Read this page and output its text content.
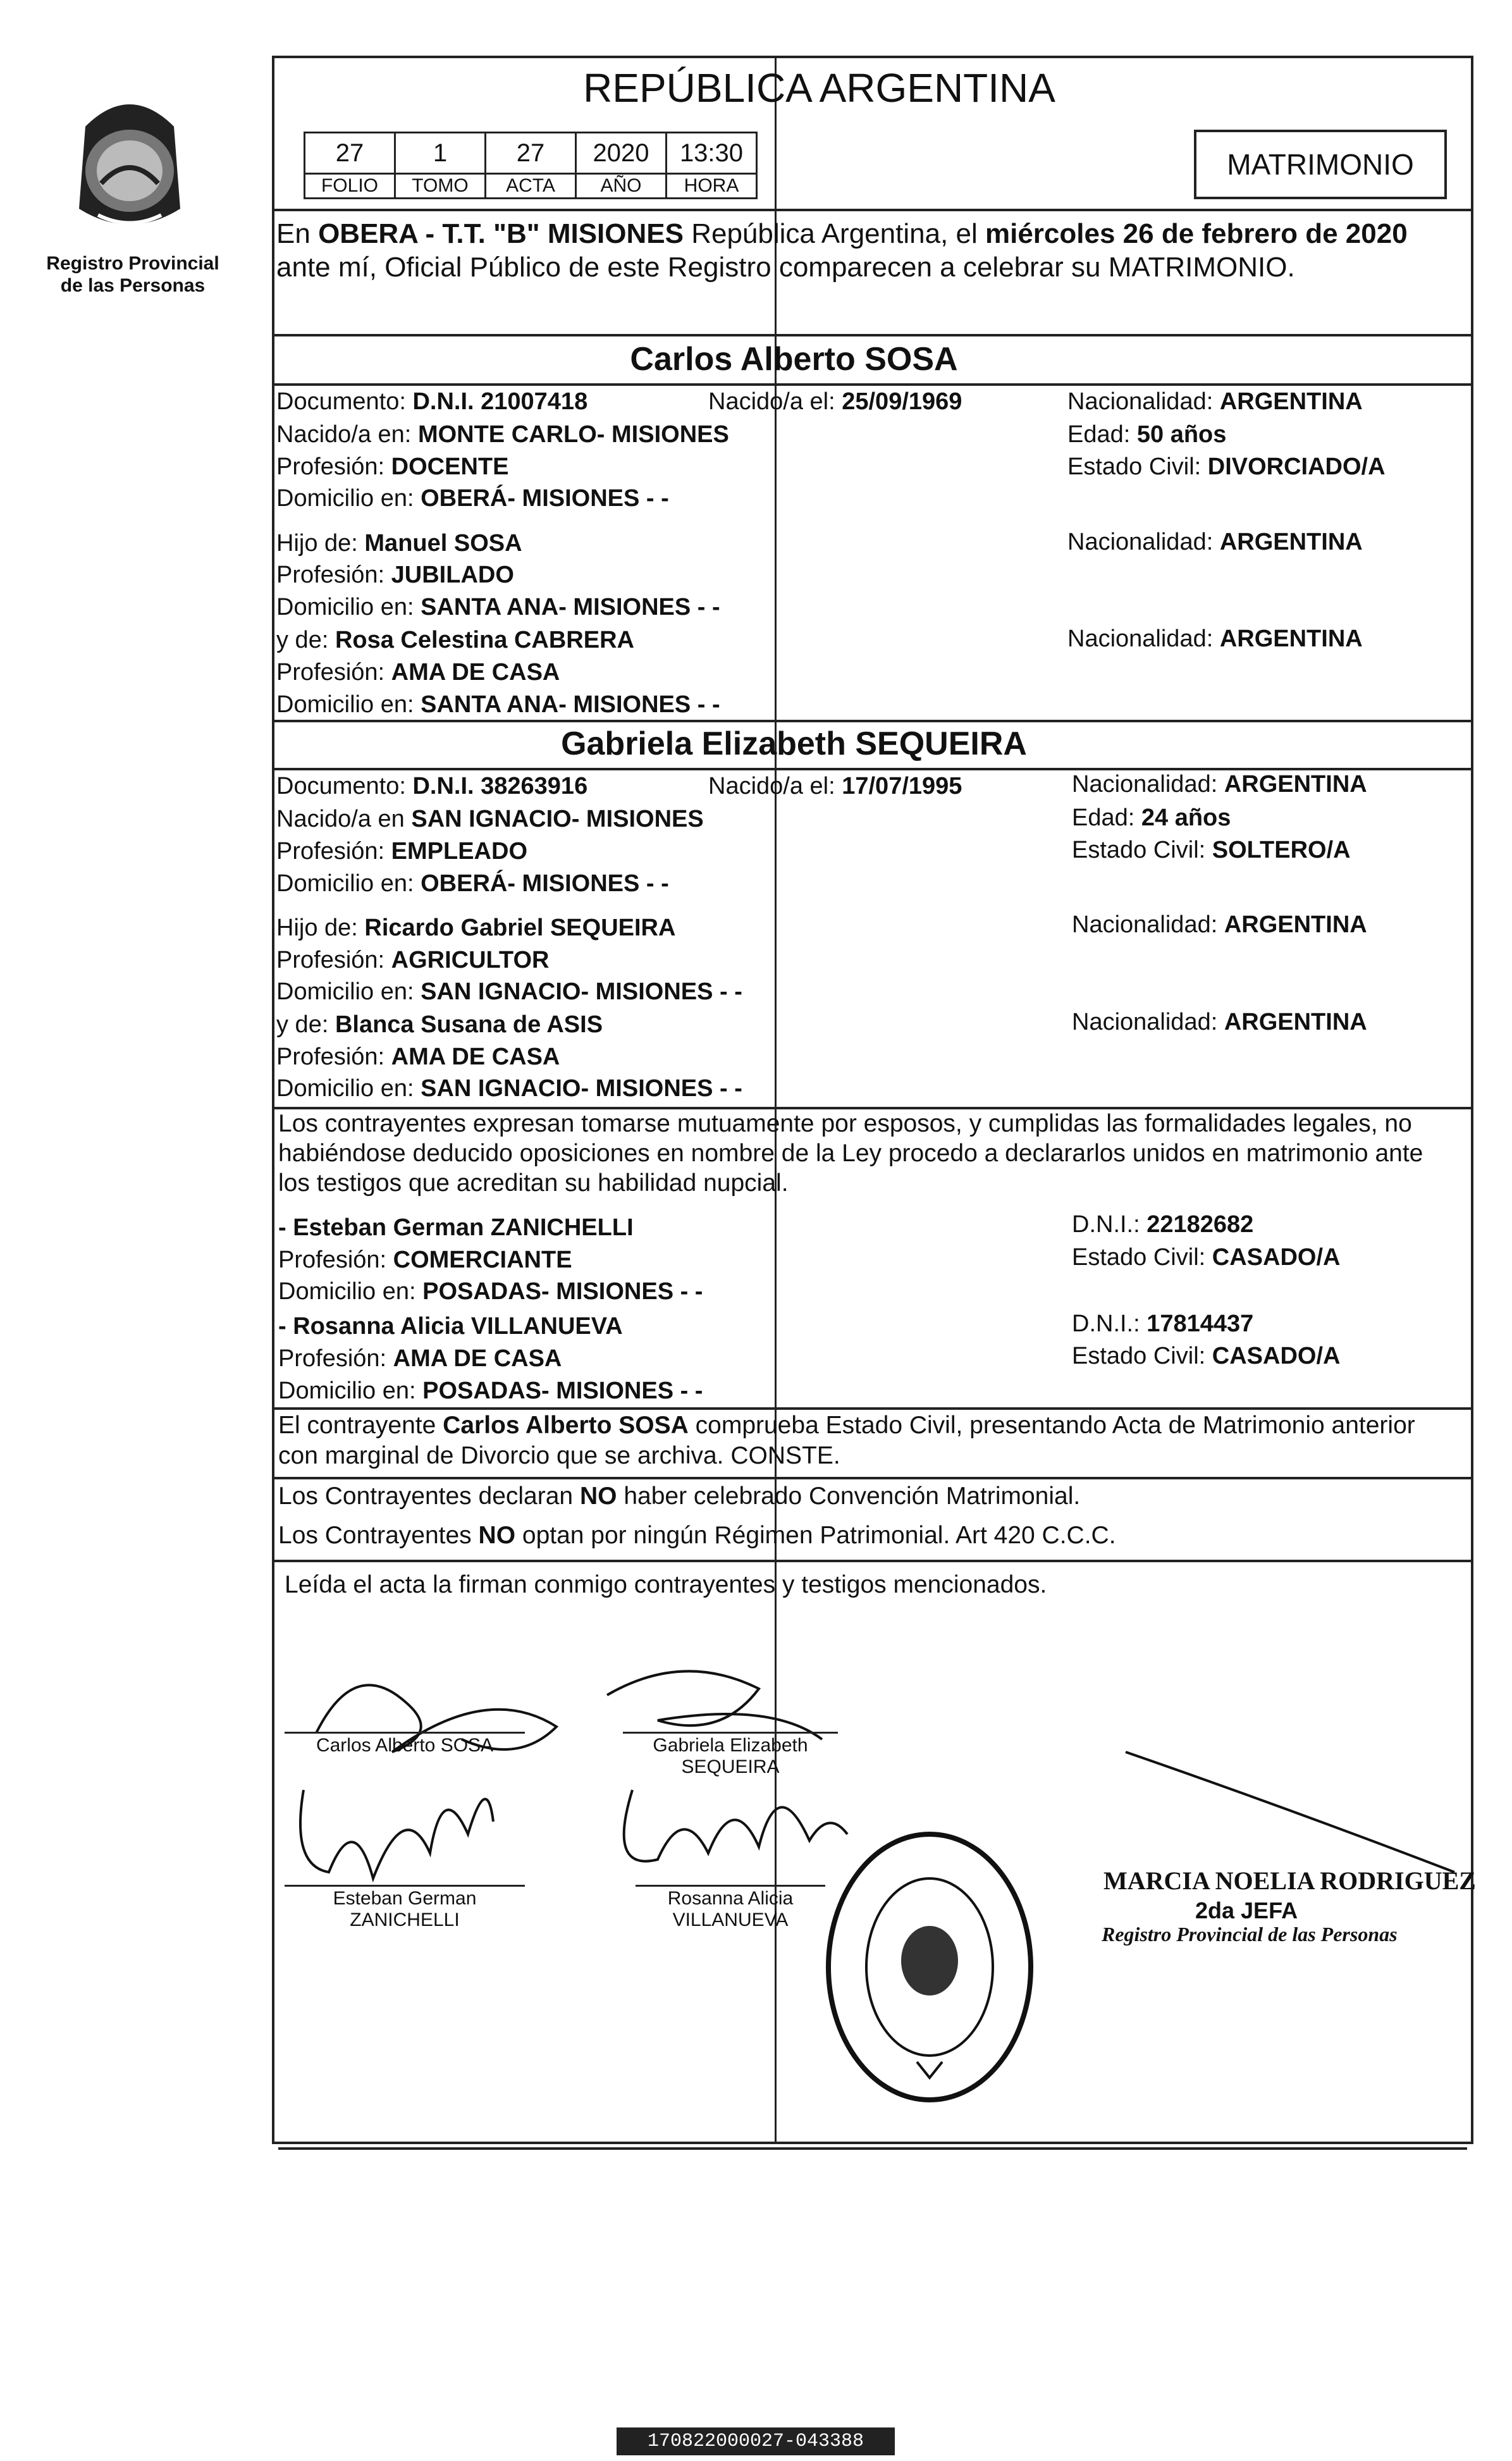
Registro Provincial
de las Personas
REPÚBLICA ARGENTINA
27	1	27	2020	13:30
FOLIO	TOMO	ACTA	AÑO	HORA
MATRIMONIO
En OBERA - T.T. "B" MISIONES República Argentina, el miércoles 26 de febrero de 2020
ante mí, Oficial Público de este Registro comparecen a celebrar su MATRIMONIO.
Carlos Alberto SOSA
Documento: D.N.I. 21007418	Nacido/a el: 25/09/1969	Nacionalidad: ARGENTINA
Nacido/a en: MONTE CARLO- MISIONES	Edad: 50 años
Profesión: DOCENTE	Estado Civil: DIVORCIADO/A
Domicilio en: OBERÁ- MISIONES - -
Hijo de: Manuel SOSA	Nacionalidad: ARGENTINA
Profesión: JUBILADO
Domicilio en: SANTA ANA- MISIONES - -
y de: Rosa Celestina CABRERA	Nacionalidad: ARGENTINA
Profesión: AMA DE CASA
Domicilio en: SANTA ANA- MISIONES - -
Gabriela Elizabeth SEQUEIRA
Documento: D.N.I. 38263916	Nacido/a el: 17/07/1995	Nacionalidad: ARGENTINA
Nacido/a en SAN IGNACIO- MISIONES	Edad: 24 años
Profesión: EMPLEADO	Estado Civil: SOLTERO/A
Domicilio en: OBERÁ- MISIONES - -
Hijo de: Ricardo Gabriel SEQUEIRA	Nacionalidad: ARGENTINA
Profesión: AGRICULTOR
Domicilio en: SAN IGNACIO- MISIONES - -
y de: Blanca Susana de ASIS	Nacionalidad: ARGENTINA
Profesión: AMA DE CASA
Domicilio en: SAN IGNACIO- MISIONES - -
Los contrayentes expresan tomarse mutuamente por esposos, y cumplidas las formalidades legales, no
habiéndose deducido oposiciones en nombre de la Ley procedo a declararlos unidos en matrimonio ante
los testigos que acreditan su habilidad nupcial.
- Esteban German ZANICHELLI	D.N.I.: 22182682
Profesión: COMERCIANTE	Estado Civil: CASADO/A
Domicilio en: POSADAS- MISIONES - -
- Rosanna Alicia VILLANUEVA	D.N.I.: 17814437
Profesión: AMA DE CASA	Estado Civil: CASADO/A
Domicilio en: POSADAS- MISIONES - -
El contrayente Carlos Alberto SOSA comprueba Estado Civil, presentando Acta de Matrimonio anterior
con marginal de Divorcio que se archiva. CONSTE.
Los Contrayentes declaran NO haber celebrado Convención Matrimonial.
Los Contrayentes NO optan por ningún Régimen Patrimonial. Art 420 C.C.C.
Leída el acta la firman conmigo contrayentes y testigos mencionados.
Carlos Alberto SOSA	Gabriela Elizabeth
SEQUEIRA
Esteban German
ZANICHELLI
Rosanna Alicia
VILLANUEVA
MARCIA NOELIA RODRIGUEZ
2da JEFA
Registro Provincial de las Personas
170822000027-043388
